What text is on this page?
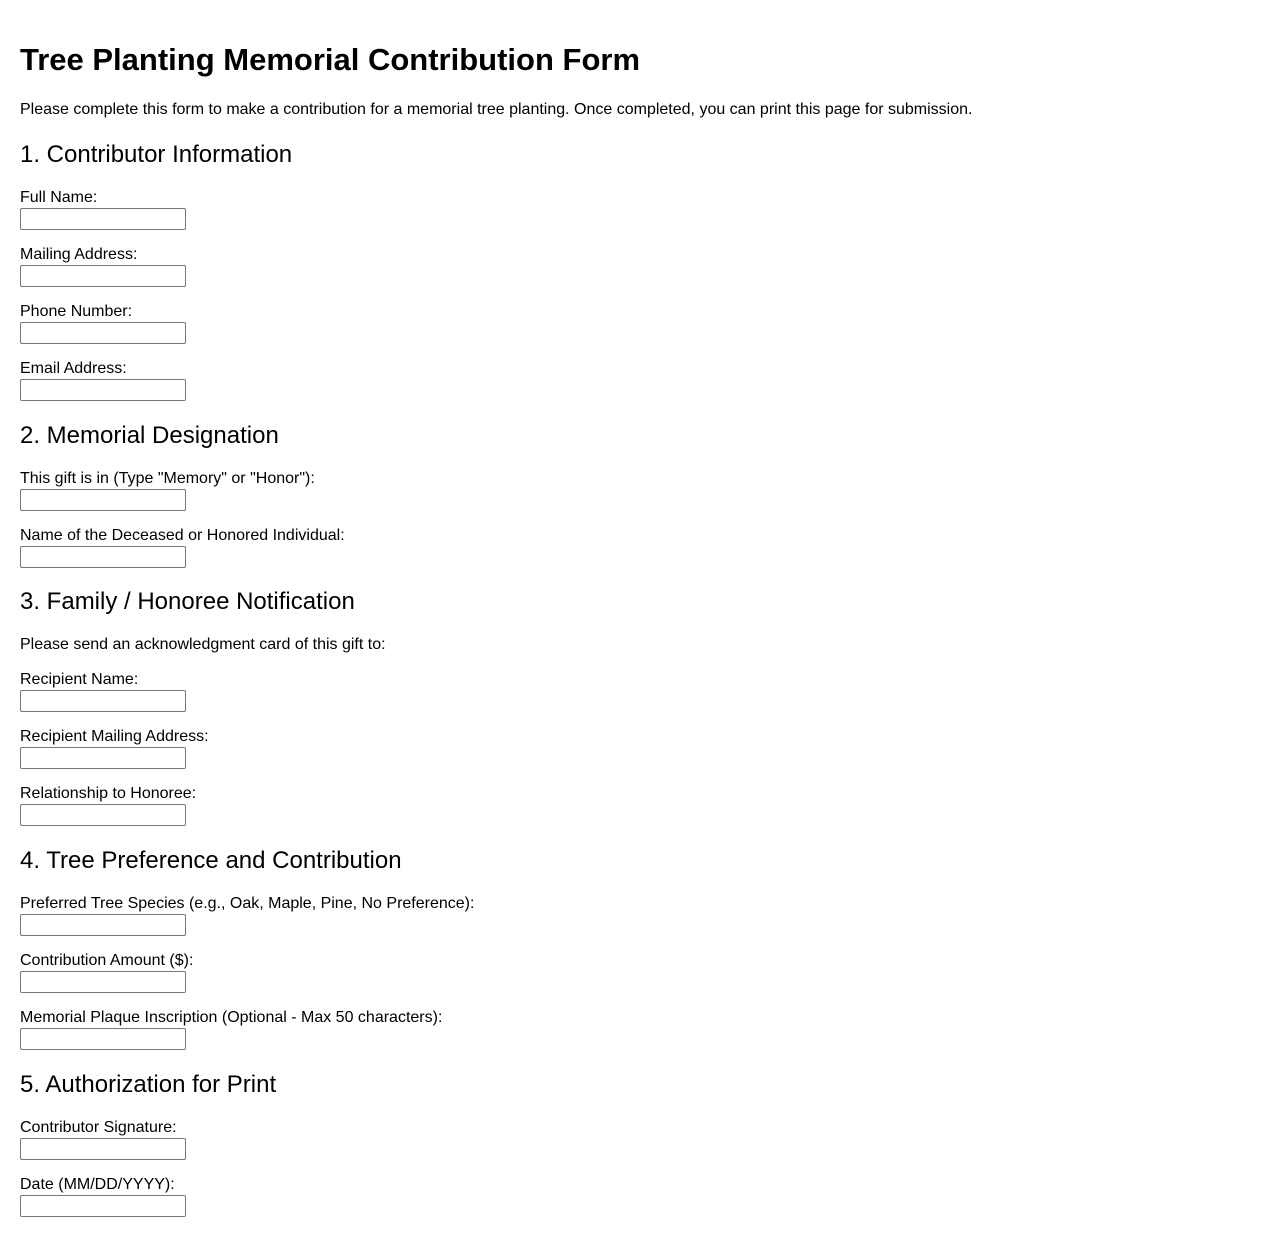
Tree Planting Memorial Contribution Form

Please complete this form to make a contribution for a memorial tree planting. Once completed, you can print this page for submission.

1. Contributor Information
Full Name:
Mailing Address:
Phone Number:
Email Address:
2. Memorial Designation
This gift is in (Type "Memory" or "Honor"):
Name of the Deceased or Honored Individual:
3. Family / Honoree Notification

Please send an acknowledgment card of this gift to:

Recipient Name:
Recipient Mailing Address:
Relationship to Honoree:
4. Tree Preference and Contribution
Preferred Tree Species (e.g., Oak, Maple, Pine, No Preference):
Contribution Amount ($):
Memorial Plaque Inscription (Optional - Max 50 characters):
5. Authorization for Print
Contributor Signature:
Date (MM/DD/YYYY):
